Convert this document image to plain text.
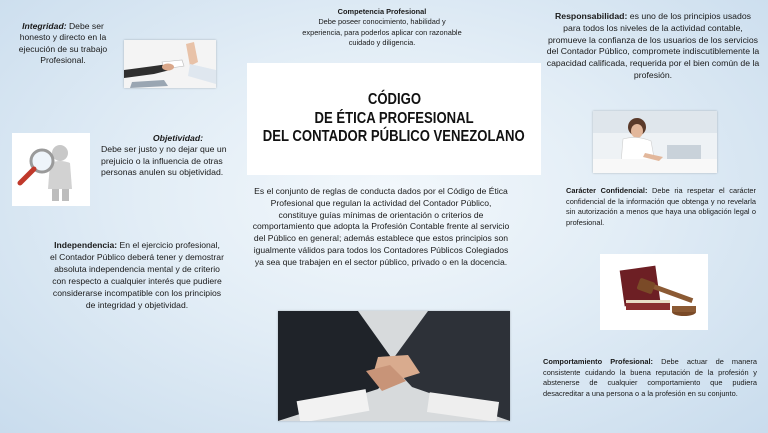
Integridad: Debe ser honesto y directo en la ejecución de su trabajo Profesional.
Competencia Profesional
Debe poseer conocimiento, habilidad y experiencia, para poderlos aplicar con razonable cuidado y diligencia.
Responsabilidad: es uno de los principios usados para todos los niveles de la actividad contable, promueve la confianza de los usuarios de los servicios del Contador Público, compromete indiscutiblemente la capacidad calificada, requerida por el bien común de la profesión.
CÓDIGO
DE ÉTICA PROFESIONAL
DEL CONTADOR PÚBLICO VENEZOLANO
Objetividad:
Debe ser justo y no dejar que un prejuicio o la influencia de otras personas anulen su objetividad.
Es el conjunto de reglas de conducta dados por el Código de Ética Profesional que regulan la actividad del Contador Público, constituye guías mínimas de orientación o criterios de comportamiento que adopta la Profesión Contable frente al servicio del Público en general; además establece que estos principios son igualmente válidos para todos los Contadores Públicos Colegiados ya sea que trabajen en el sector público, privado o en la docencia.
Carácter Confidencial: Debe ria respetar el carácter confidencial de la información que obtenga y no revelarla sin autorización a menos que haya una obligación legal o profesional.
Independencia: En el ejercicio profesional, el Contador Público deberá tener y demostrar absoluta independencia mental y de criterio con respecto a cualquier interés que pudiere considerarse incompatible con los principios de integridad y objetividad.
Comportamiento Profesional: Debe actuar de manera consistente cuidando la buena reputación de la profesión y abstenerse de cualquier comportamiento que pudiera desacreditar a una persona o a la profesión en su conjunto.
